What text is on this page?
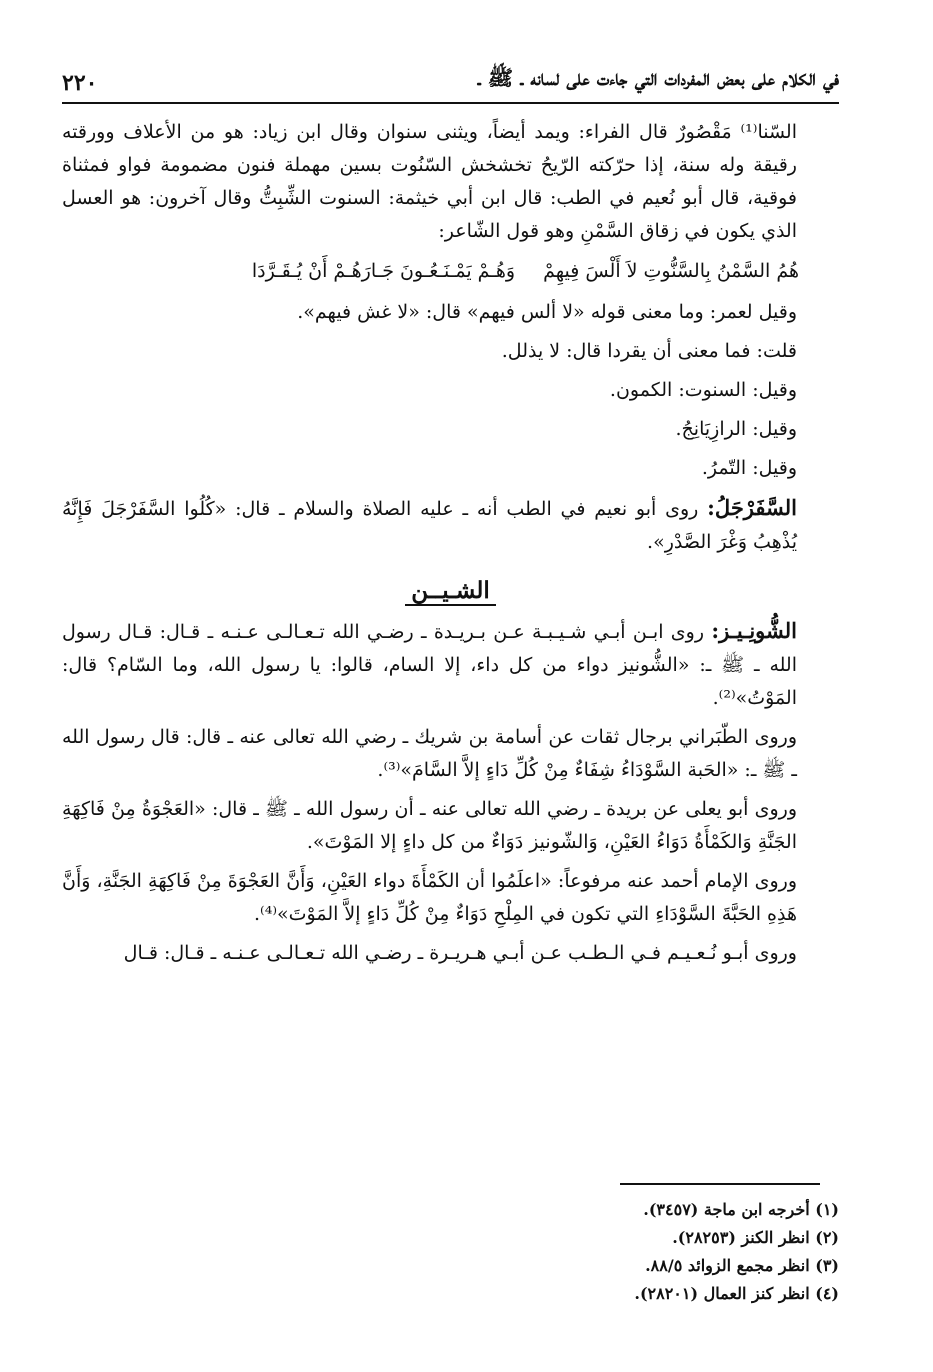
في الكلام على بعض المفردات التي جاءت على لسانه ـ ﷺ ـ
٢٢٠

السّنا⁽¹⁾ مَقْصُورٌ قال الفراء: ويمد أيضاً، ويثنى سنوان وقال ابن زياد: هو من الأعلاف وورقته رقيقة وله سنة، إذا حرّكته الرّيحُ تخشخش السّنُوت بسين مهملة فنون مضمومة فواو فمثناة فوقية، قال أبو نُعيم في الطب: قال ابن أبي خيثمة: السنوت الشِّبِتُّ وقال آخرون: هو العسل الذي يكون في زقاق السَّمْنِ وهو قول الشّاعر:

هُمُ السَّمْنُ بِالسَّنُّوتِ لاَ أَلْسَ فِيهِمْ
وَهُـمْ يَمْـنَـعُـونَ جَـارَهُـمْ أَنْ يُـقَـرَّدَا

وقيل لعمر: وما معنى قوله «لا ألس فيهم» قال: «لا غش فيهم».

قلت: فما معنى أن يقردا قال: لا يذلل.

وقيل: السنوت: الكمون.

وقيل: الرازِيَانِجُ.

وقيل: التّمرُ.

السَّفَرْجَلُ: روى أبو نعيم في الطب أنه ـ عليه الصلاة والسلام ـ قال: «كُلُوا السَّفَرْجَلَ فَإِنَّهُ يُذْهِبُ وَغْرَ الصَّدْرِ».

الشـيــن

الشُّونِـيـز: روى ابـن أبـي شـيـبـة عـن بـريـدة ـ رضـي الله تـعـالـى عـنـه ـ قـال: قـال رسول الله ـ ﷺ ـ: «الشُّونيز دواء من كل داء، إلا السام، قالوا: يا رسول الله، وما السّام؟ قال: المَوْتُ»⁽²⁾.

وروى الطّبَراني برجال ثقات عن أسامة بن شريك ـ رضي الله تعالى عنه ـ قال: قال رسول الله ـ ﷺ ـ: «الحَبة السَّوْدَاءُ شِفَاءٌ مِنْ كُلِّ دَاءٍ إلاَّ السَّامَ»⁽³⁾.

وروى أبو يعلى عن بريدة ـ رضي الله تعالى عنه ـ أن رسول الله ـ ﷺ ـ قال: «العَجْوَةُ مِنْ فَاكِهَةِ الجَنَّةِ وَالكَمْأَةُ دَوَاءُ العَيْنِ، وَالشّونيز دَوَاءٌ من كل داءٍ إلا المَوْتَ».

وروى الإمام أحمد عنه مرفوعاً: «اعلَمُوا أن الكَمْأَةَ دواء العَيْنِ، وَأَنَّ العَجْوَةَ مِنْ فَاكِهَةِ الجَنَّةِ، وَأَنَّ هَذِهِ الحَبَّةَ السَّوْدَاءِ التي تكون في المِلْحِ دَوَاءٌ مِنْ كُلِّ دَاءٍ إلاَّ المَوْتَ»⁽⁴⁾.

وروى أبـو نُـعـيـم فـي الـطـب عـن أبـي هـريـرة ـ رضـي الله تـعـالـى عـنـه ـ قـال: قـال

(١) أخرجه ابن ماجة (٣٤٥٧).
(٢) انظر الكنز (٢٨٢٥٣).
(٣) انظر مجمع الزوائد ٨٨/٥.
(٤) انظر كنز العمال (٢٨٢٠١).
